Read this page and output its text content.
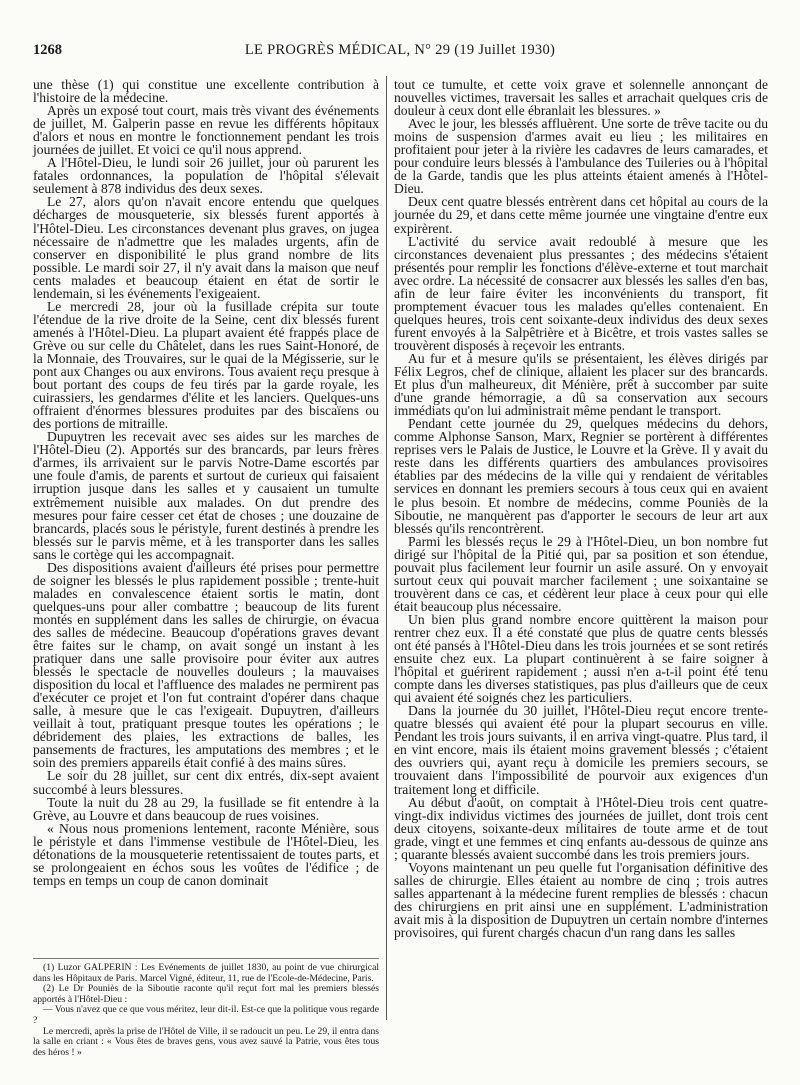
1268	LE PROGRÈS MÉDICAL, N° 29 (19 Juillet 1930)

une thèse (1) qui constitue une excellente contribution à l'histoire de la médecine.

Après un exposé tout court, mais très vivant des événements de juillet, M. Galperin passe en revue les différents hôpitaux d'alors et nous en montre le fonctionnement pendant les trois journées de juillet. Et voici ce qu'il nous apprend.

A l'Hôtel-Dieu, le lundi soir 26 juillet, jour où parurent les fatales ordonnances, la population de l'hôpital s'élevait seulement à 878 individus des deux sexes.

Le 27, alors qu'on n'avait encore entendu que quelques décharges de mousqueterie, six blessés furent apportés à l'Hôtel-Dieu. Les circonstances devenant plus graves, on jugea nécessaire de n'admettre que les malades urgents, afin de conserver en disponibilité le plus grand nombre de lits possible. Le mardi soir 27, il n'y avait dans la maison que neuf cents malades et beaucoup étaient en état de sortir le lendemain, si les événements l'exigeaient.

Le mercredi 28, jour où la fusillade crépita sur toute l'étendue de la rive droite de la Seine, cent dix blessés furent amenés à l'Hôtel-Dieu. La plupart avaient été frappés place de Grève ou sur celle du Châtelet, dans les rues Saint-Honoré, de la Monnaie, des Trouvaires, sur le quai de la Mégisserie, sur le pont aux Changes ou aux environs. Tous avaient reçu presque à bout portant des coups de feu tirés par la garde royale, les cuirassiers, les gendarmes d'élite et les lanciers. Quelques-uns offraient d'énormes blessures produites par des biscaïens ou des portions de mitraille.

Dupuytren les recevait avec ses aides sur les marches de l'Hôtel-Dieu (2). Apportés sur des brancards, par leurs frères d'armes, ils arrivaient sur le parvis Notre-Dame escortés par une foule d'amis, de parents et surtout de curieux qui faisaient irruption jusque dans les salles et y causaient un tumulte extrêmement nuisible aux malades. On dut prendre des mesures pour faire cesser cet état de choses ; une douzaine de brancards, placés sous le péristyle, furent destinés à prendre les blessés sur le parvis même, et à les transporter dans les salles sans le cortège qui les accompagnait.

Des dispositions avaient d'ailleurs été prises pour permettre de soigner les blessés le plus rapidement possible ; trente-huit malades en convalescence étaient sortis le matin, dont quelques-uns pour aller combattre ; beaucoup de lits furent montés en supplément dans les salles de chirurgie, on évacua des salles de médecine. Beaucoup d'opérations graves devant être faites sur le champ, on avait songé un instant à les pratiquer dans une salle provisoire pour éviter aux autres blessés le spectacle de nouvelles douleurs ; la mauvaises disposition du local et l'affluence des malades ne permirent pas d'exécuter ce projet et l'on fut contraint d'opérer dans chaque salle, à mesure que le cas l'exigeait. Dupuytren, d'ailleurs veillait à tout, pratiquant presque toutes les opérations ; le débridement des plaies, les extractions de balles, les pansements de fractures, les amputations des membres ; et le soin des premiers appareils était confié à des mains sûres.

Le soir du 28 juillet, sur cent dix entrés, dix-sept avaient succombé à leurs blessures.

Toute la nuit du 28 au 29, la fusillade se fit entendre à la Grève, au Louvre et dans beaucoup de rues voisines.

« Nous nous promenions lentement, raconte Ménière, sous le péristyle et dans l'immense vestibule de l'Hôtel-Dieu, les détonations de la mousqueterie retentissaient de toutes parts, et se prolongeaient en échos sous les voûtes de l'édifice ; de temps en temps un coup de canon dominait

(1) Luzor GALPERIN : Les Evénements de juillet 1830, au point de vue chirurgical dans les Hôpitaux de Paris. Marcel Vigné, éditeur, 11, rue de l'Ecole-de-Médecine, Paris.

(2) Le Dr Pouniès de la Siboutie raconte qu'il reçut fort mal les premiers blessés apportés à l'Hôtel-Dieu :

— Vous n'avez que ce que vous méritez, leur dit-il. Est-ce que la politique vous regarde ?

Le mercredi, après la prise de l'Hôtel de Ville, il se radoucit un peu. Le 29, il entra dans la salle en criant : « Vous êtes de braves gens, vous avez sauvé la Patrie, vous êtes tous des héros ! »

tout ce tumulte, et cette voix grave et solennelle annonçant de nouvelles victimes, traversait les salles et arrachait quelques cris de douleur à ceux dont elle ébranlait les blessures. »

Avec le jour, les blessés affluèrent. Une sorte de trêve tacite ou du moins de suspension d'armes avait eu lieu ; les militaires en profitaient pour jeter à la rivière les cadavres de leurs camarades, et pour conduire leurs blessés à l'ambulance des Tuileries ou à l'hôpital de la Garde, tandis que les plus atteints étaient amenés à l'Hôtel-Dieu.

Deux cent quatre blessés entrèrent dans cet hôpital au cours de la journée du 29, et dans cette même journée une vingtaine d'entre eux expirèrent.

L'activité du service avait redoublé à mesure que les circonstances devenaient plus pressantes ; des médecins s'étaient présentés pour remplir les fonctions d'élève-externe et tout marchait avec ordre. La nécessité de consacrer aux blessés les salles d'en bas, afin de leur faire éviter les inconvénients du transport, fit promptement évacuer tous les malades qu'elles contenaient. En quelques heures, trois cent soixante-deux individus des deux sexes furent envoyés à la Salpêtrière et à Bicêtre, et trois vastes salles se trouvèrent disposés à reçevoir les entrants.

Au fur et à mesure qu'ils se présentaient, les élèves dirigés par Félix Legros, chef de clinique, allaient les placer sur des brancards. Et plus d'un malheureux, dit Ménière, prêt à succomber par suite d'une grande hémorragie, a dû sa conservation aux secours immédiats qu'on lui administrait même pendant le transport.

Pendant cette journée du 29, quelques médecins du dehors, comme Alphonse Sanson, Marx, Regnier se portèrent à différentes reprises vers le Palais de Justice, le Louvre et la Grève. Il y avait du reste dans les différents quartiers des ambulances provisoires établies par des médecins de la ville qui y rendaient de véritables services en donnant les premiers secours à tous ceux qui en avaient le plus besoin. Et nombre de médecins, comme Pouniès de la Siboutie, ne manquèrent pas d'apporter le secours de leur art aux blessés qu'ils rencontrèrent.

Parmi les blessés reçus le 29 à l'Hôtel-Dieu, un bon nombre fut dirigé sur l'hôpital de la Pitié qui, par sa position et son étendue, pouvait plus facilement leur fournir un asile assuré. On y envoyait surtout ceux qui pouvait marcher facilement ; une soixantaine se trouvèrent dans ce cas, et cédèrent leur place à ceux pour qui elle était beaucoup plus nécessaire.

Un bien plus grand nombre encore quittèrent la maison pour rentrer chez eux. Il a été constaté que plus de quatre cents blessés ont été pansés à l'Hôtel-Dieu dans les trois journées et se sont retirés ensuite chez eux. La plupart continuèrent à se faire soigner à l'hôpital et guérirent rapidement ; aussi n'en a-t-il point été tenu compte dans les diverses statistiques, pas plus d'ailleurs que de ceux qui avaient été soignés chez les particuliers.

Dans la journée du 30 juillet, l'Hôtel-Dieu reçut encore trente-quatre blessés qui avaient été pour la plupart secourus en ville. Pendant les trois jours suivants, il en arriva vingt-quatre. Plus tard, il en vint encore, mais ils étaient moins gravement blessés ; c'étaient des ouvriers qui, ayant reçu à domicile les premiers secours, se trouvaient dans l'impossibilité de pourvoir aux exigences d'un traitement long et difficile.

Au début d'août, on comptait à l'Hôtel-Dieu trois cent quatre-vingt-dix individus victimes des journées de juillet, dont trois cent deux citoyens, soixante-deux militaires de toute arme et de tout grade, vingt et une femmes et cinq enfants au-dessous de quinze ans ; quarante blessés avaient succombé dans les trois premiers jours.

Voyons maintenant un peu quelle fut l'organisation définitive des salles de chirurgie. Elles étaient au nombre de cinq ; trois autres salles appartenant à la médecine furent remplies de blessés : chacun des chirurgiens en prit ainsi une en supplément. L'administration avait mis à la disposition de Dupuytren un certain nombre d'internes provisoires, qui furent chargés chacun d'un rang dans les salles
